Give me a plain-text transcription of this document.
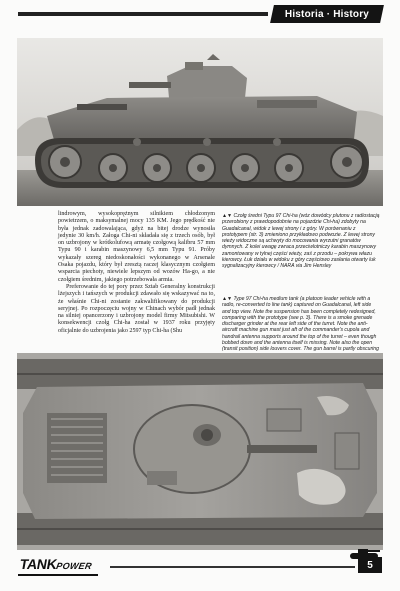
Historia · History

lindrowym, wysokoprężnym silnikiem chłodzonym powietrzem, o maksymalnej mocy 135 KM. Jego prędkość nie była jednak zadowalająca, gdyż na bitej drodze wynosiła jedynie 30 km/h. Załoga Chi-ni składała się z trzech osób, był on uzbrojony w krótkolufową armatę czołgową kalibru 57 mm Typu 90 i karabin maszynowy 6,5 mm Typu 91. Próby wykazały szereg niedoskonałości wykonanego w Arsenale Osaka pojazdu, który był zresztą raczej klasycznym czołgiem wsparcia piechoty, niewiele lepszym od wozów Ha-go, a nie czołgiem średnim, jakiego potrzebowała armia.

Preferowanie do tej pory przez Sztab Generalny konstrukcji lżejszych i tańszych w produkcji zdawało się wskazywać na to, że właśnie Chi-ni zostanie zakwalifikowany do produkcji seryjnej. Po rozpoczęciu wojny w Chinach wybór padł jednak na silniej opancerzony i uzbrojony model firmy Mitsubishi. W konsekwencji czołg Chi-ha został w 1937 roku przyjęty oficjalnie do uzbrojenia jako 2597 typ Chi-ha (Shu

▲▼ Czołg średni Typu 97 Chi-ha (wóz dowódcy plutonu z radiostacją przerobiony z prawdopodobnie na pojazdzie Chi-ha) zdobyty na Guadalcanal, widok z lewej strony i z góry. W porównaniu z prototypem (str. 3) zmieniono przykładowo podwozie. Z lewej strony wieży widoczne są uchwyty do mocowania wyrzutni granatów dymnych. Z kolei uwagę zwraca przeciwlotniczy karabin maszynowy zamontowany w tylnej części wieży, zaś z przodu – pokrywa włazu kierowcy. Łuk działu w widoku z góry częściowo zasłania otwarty luk sygnalizacyjny kierowcy / NARA via Jim Hensley
▲▼ Type 97 Chi-ha medium tank (a platoon leader vehicle with a radio, re-converted to line tank) captured on Guadalcanal, left side and top view. Note the suspension has been completely redesigned, comparing with the prototype (see p. 3). There is a smoke grenade discharger grinder at the rear left side of the turret. Note the anti-aircraft machine gun mast just aft of the commander's cupola and handrail antenna supports around the top of the turret – even though bobbed down and the antenna itself is missing. Note also the open (transit position) side louvers cover. The gun barrel is partly obscuring
TANKPOWER	5
